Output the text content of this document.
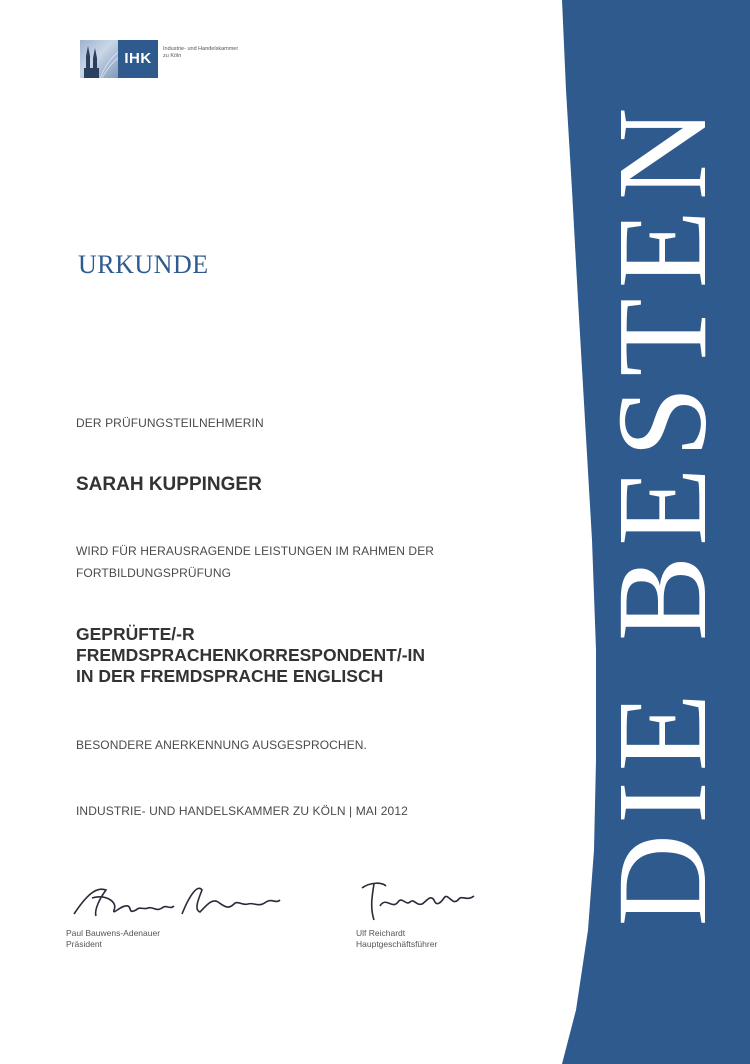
DIE BESTEN
IHK
Industrie- und Handelskammer
zu Köln
URKUNDE
DER PRÜFUNGSTEILNEHMERIN
SARAH KUPPINGER
WIRD FÜR HERAUSRAGENDE LEISTUNGEN IM RAHMEN DER
FORTBILDUNGSPRÜFUNG
GEPRÜFTE/-R
FREMDSPRACHENKORRESPONDENT/-IN
IN DER FREMDSPRACHE ENGLISCH
BESONDERE ANERKENNUNG AUSGESPROCHEN.
INDUSTRIE- UND HANDELSKAMMER ZU KÖLN | MAI 2012
Paul Bauwens-Adenauer
Präsident
Ulf Reichardt
Hauptgeschäftsführer
